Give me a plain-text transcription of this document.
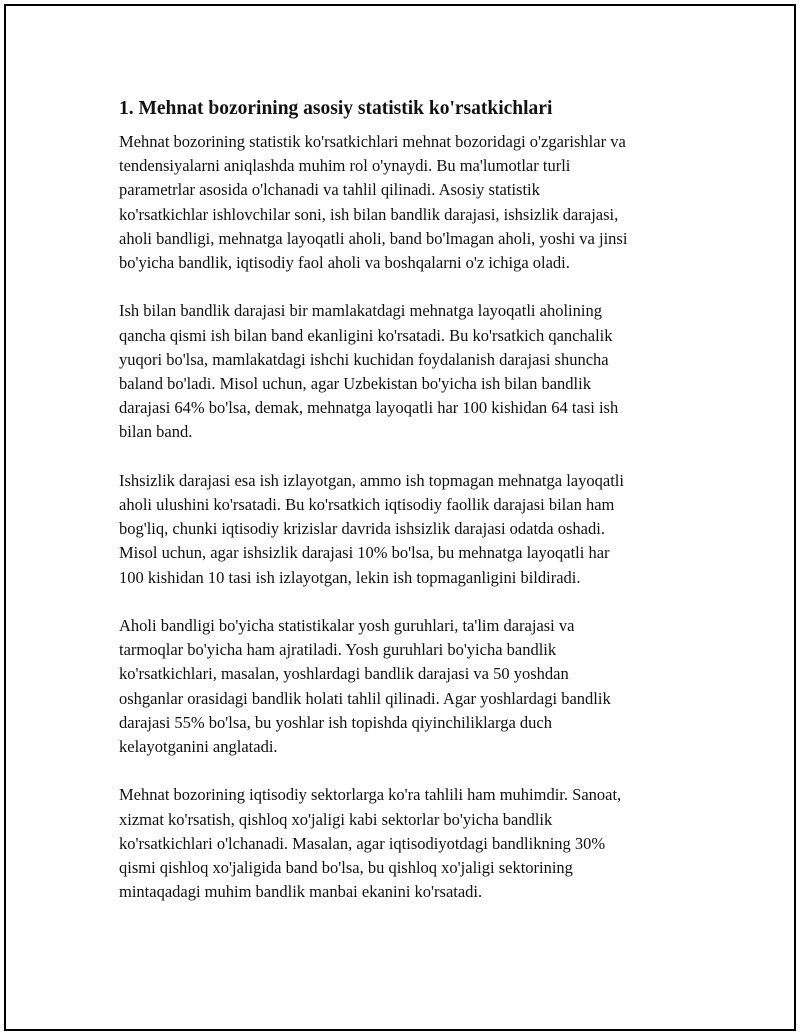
1. Mehnat bozorining asosiy statistik ko'rsatkichlari

Mehnat bozorining statistik ko'rsatkichlari mehnat bozoridagi o'zgarishlar va
tendensiyalarni aniqlashda muhim rol o'ynaydi. Bu ma'lumotlar turli
parametrlar asosida o'lchanadi va tahlil qilinadi. Asosiy statistik
ko'rsatkichlar ishlovchilar soni, ish bilan bandlik darajasi, ishsizlik darajasi,
aholi bandligi, mehnatga layoqatli aholi, band bo'lmagan aholi, yoshi va jinsi
bo'yicha bandlik, iqtisodiy faol aholi va boshqalarni o'z ichiga oladi.

Ish bilan bandlik darajasi bir mamlakatdagi mehnatga layoqatli aholining
qancha qismi ish bilan band ekanligini ko'rsatadi. Bu ko'rsatkich qanchalik
yuqori bo'lsa, mamlakatdagi ishchi kuchidan foydalanish darajasi shuncha
baland bo'ladi. Misol uchun, agar Uzbekistan bo'yicha ish bilan bandlik
darajasi 64% bo'lsa, demak, mehnatga layoqatli har 100 kishidan 64 tasi ish
bilan band.

Ishsizlik darajasi esa ish izlayotgan, ammo ish topmagan mehnatga layoqatli
aholi ulushini ko'rsatadi. Bu ko'rsatkich iqtisodiy faollik darajasi bilan ham
bog'liq, chunki iqtisodiy krizislar davrida ishsizlik darajasi odatda oshadi.
Misol uchun, agar ishsizlik darajasi 10% bo'lsa, bu mehnatga layoqatli har
100 kishidan 10 tasi ish izlayotgan, lekin ish topmaganligini bildiradi.

Aholi bandligi bo'yicha statistikalar yosh guruhlari, ta'lim darajasi va
tarmoqlar bo'yicha ham ajratiladi. Yosh guruhlari bo'yicha bandlik
ko'rsatkichlari, masalan, yoshlardagi bandlik darajasi va 50 yoshdan
oshganlar orasidagi bandlik holati tahlil qilinadi. Agar yoshlardagi bandlik
darajasi 55% bo'lsa, bu yoshlar ish topishda qiyinchiliklarga duch
kelayotganini anglatadi.

Mehnat bozorining iqtisodiy sektorlarga ko'ra tahlili ham muhimdir. Sanoat,
xizmat ko'rsatish, qishloq xo'jaligi kabi sektorlar bo'yicha bandlik
ko'rsatkichlari o'lchanadi. Masalan, agar iqtisodiyotdagi bandlikning 30%
qismi qishloq xo'jaligida band bo'lsa, bu qishloq xo'jaligi sektorining
mintaqadagi muhim bandlik manbai ekanini ko'rsatadi.
